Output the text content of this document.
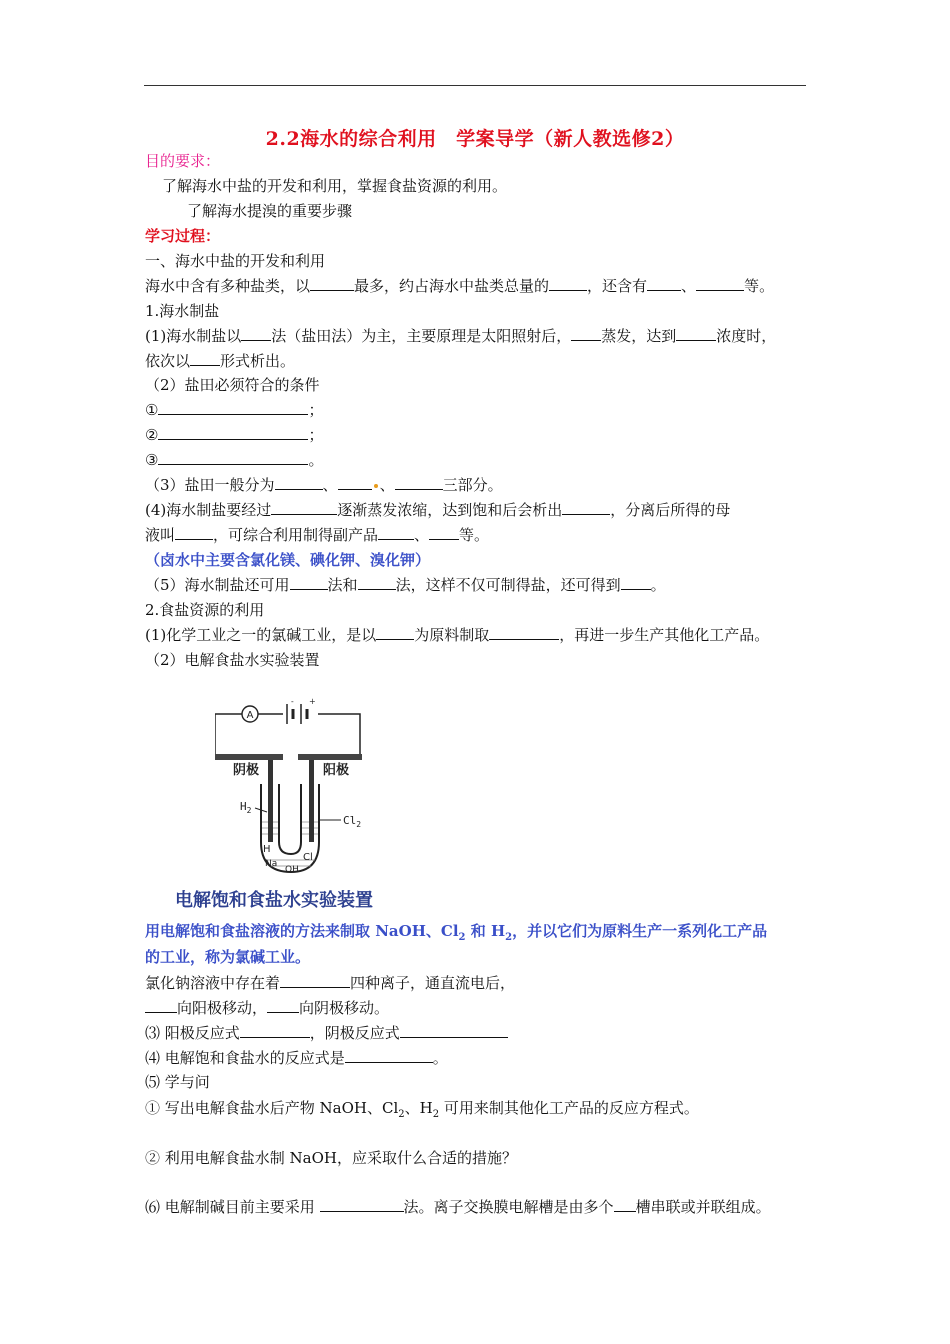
2.2海水的综合利用　学案导学（新人教选修2）
目的要求：
了解海水中盐的开发和利用，掌握食盐资源的利用。
了解海水提溴的重要步骤
学习过程：
一、海水中盐的开发和利用
海水中含有多种盐类，以	最多，约占海水中盐类总量的	，还含有 、	等。
1.海水制盐
(1)海水制盐以 法（盐田法）为主，主要原理是太阳照射后， 蒸发，达到	浓度时，
依次以 形式析出。
（2）盐田必须符合的条件
①	；
②	；
③	。
（3）盐田一般分为	、	、	三部分。
(4)海水制盐要经过	逐渐蒸发浓缩，达到饱和后会析出	，分离后所得的母
液叫	，可综合利用制得副产品 、 等。
（卤水中主要含氯化镁、碘化钾、溴化钾）
（5）海水制盐还可用	法和	法，这样不仅可制得盐，还可得到 。
2.食盐资源的利用
(1)化学工业之一的氯碱工业，是以	为原料制取	，再进一步生产其他化工产品。
（2）电解食盐水实验装置
A
- +
阴极	阳极
$H_2$
$Cl_2$
H
Na
OH
Cl
电解饱和食盐水实验装置
用电解饱和食盐溶液的方法来制取 NaOH、$Cl_2$ 和 $H_2$，并以它们为原料生产一系列化工产品
的工业，称为氯碱工业。
氯化钠溶液中存在着	四种离子，通直流电后，
向阳极移动， 向阴极移动。
⑶ 阳极反应式	，阴极反应式
⑷ 电解饱和食盐水的反应式是	。
⑸ 学与问
① 写出电解食盐水后产物 NaOH、$Cl_2$、$H_2$ 可用来制其他化工产品的反应方程式。
② 利用电解食盐水制 NaOH，应采取什么合适的措施？
⑹ 电解制碱目前主要采用	法。离子交换膜电解槽是由多个 槽串联或并联组成。
